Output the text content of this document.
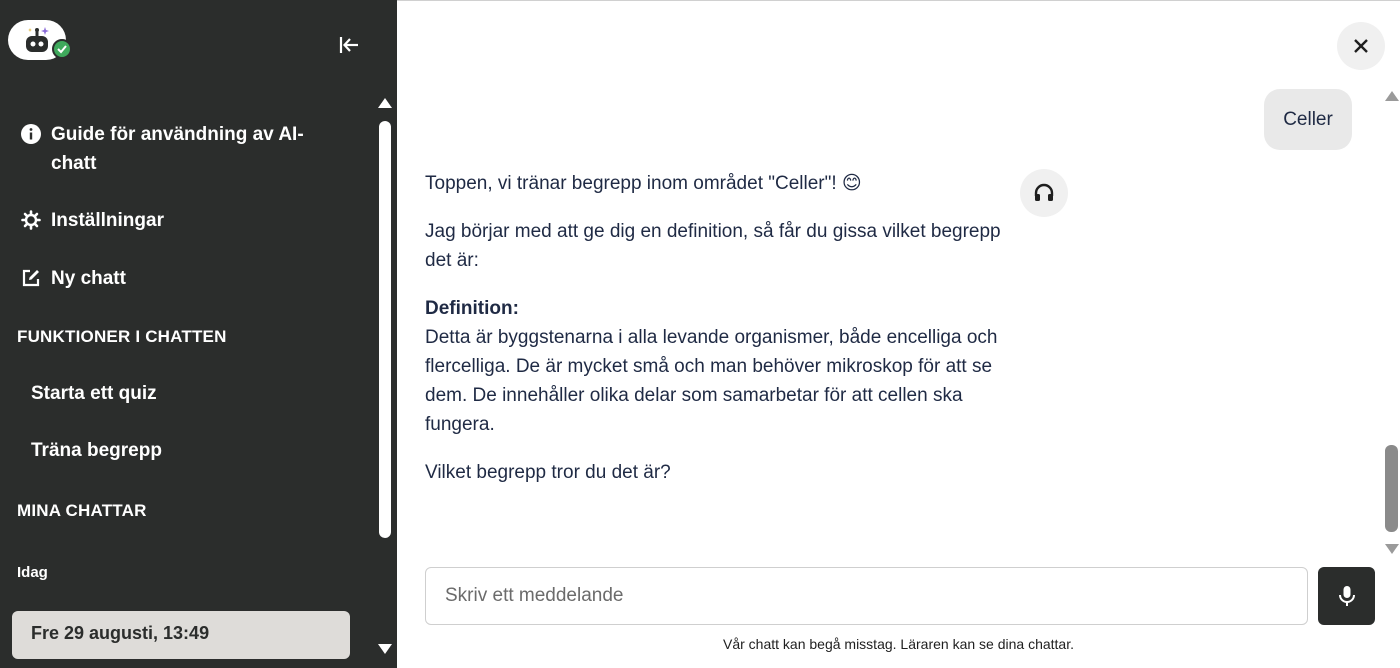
Guide för användning av AI-chatt
Inställningar
Ny chatt
FUNKTIONER I CHATTEN
Starta ett quiz
Träna begrepp
MINA CHATTAR
Idag
Fre 29 augusti, 13:49
Celler

Toppen, vi tränar begrepp inom området "Celler"! 😊

Jag börjar med att ge dig en definition, så får du gissa vilket begrepp det är:

Definition:
Detta är byggstenarna i alla levande organismer, både encelliga och flercelliga. De är mycket små och man behöver mikroskop för att se dem. De innehåller olika delar som samarbetar för att cellen ska fungera.

Vilket begrepp tror du det är?

Skriv ett meddelande
Vår chatt kan begå misstag. Läraren kan se dina chattar.
